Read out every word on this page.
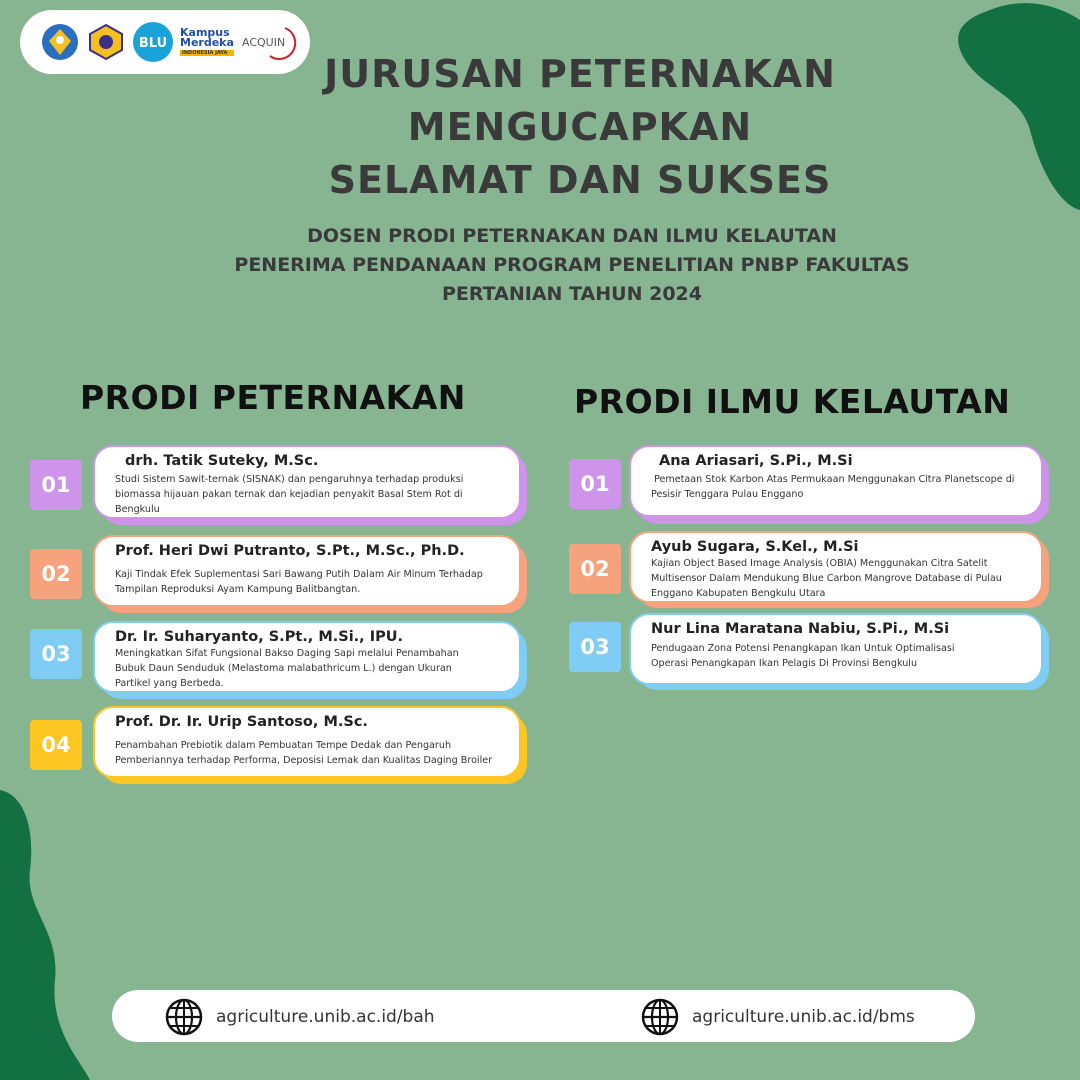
BLU
Kampus
Merdeka
INDONESIA JAYA
ACQUIN
JURUSAN PETERNAKAN
MENGUCAPKAN
SELAMAT DAN SUKSES
DOSEN PRODI PETERNAKAN DAN ILMU KELAUTAN
PENERIMA PENDANAAN PROGRAM PENELITIAN PNBP FAKULTAS
PERTANIAN TAHUN 2024
PRODI PETERNAKAN	PRODI ILMU KELAUTAN
01
drh. Tatik Suteky, M.Sc.
Studi Sistem Sawit-ternak (SISNAK) dan pengaruhnya terhadap produksi biomassa hijauan pakan ternak dan kejadian penyakit Basal Stem Rot di Bengkulu
02
Prof. Heri Dwi Putranto, S.Pt., M.Sc., Ph.D.
Kaji Tindak Efek Suplementasi Sari Bawang Putih Dalam Air Minum Terhadap Tampilan Reproduksi Ayam Kampung Balitbangtan.
03
Dr. Ir. Suharyanto, S.Pt., M.Si., IPU.
Meningkatkan Sifat Fungsional Bakso Daging Sapi melalui Penambahan Bubuk Daun Senduduk (Melastoma malabathricum L.) dengan Ukuran Partikel yang Berbeda.
04
Prof. Dr. Ir. Urip Santoso, M.Sc.
Penambahan Prebiotik dalam Pembuatan Tempe Dedak dan Pengaruh Pemberiannya terhadap Performa, Deposisi Lemak dan Kualitas Daging Broiler
01
Ana Ariasari, S.Pi., M.Si
Pemetaan Stok Karbon Atas Permukaan Menggunakan Citra Planetscope di Pesisir Tenggara Pulau Enggano
02
Ayub Sugara, S.Kel., M.Si
Kajian Object Based Image Analysis (OBIA) Menggunakan Citra Satelit Multisensor Dalam Mendukung Blue Carbon Mangrove Database di Pulau Enggano Kabupaten Bengkulu Utara
03
Nur Lina Maratana Nabiu, S.Pi., M.Si
Pendugaan Zona Potensi Penangkapan Ikan Untuk Optimalisasi Operasi Penangkapan Ikan Pelagis Di Provinsi Bengkulu
agriculture.unib.ac.id/bah	agriculture.unib.ac.id/bms
